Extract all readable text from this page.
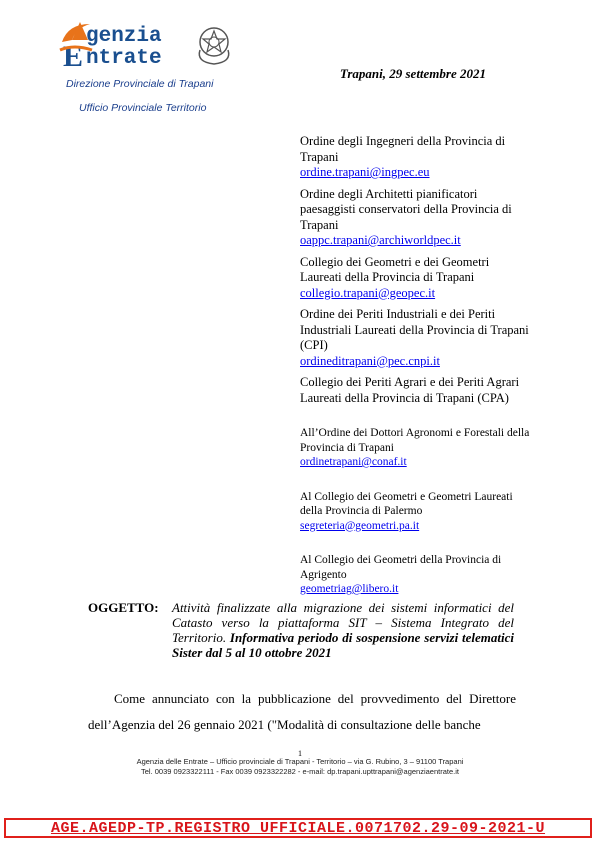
E
genzia
ntrate
Direzione Provinciale di Trapani
Ufficio Provinciale Territorio
Trapani, 29 settembre 2021
Ordine degli Ingegneri della Provincia di Trapani
ordine.trapani@ingpec.eu
Ordine degli Architetti pianificatori paesaggisti conservatori della Provincia di Trapani
oappc.trapani@archiworldpec.it
Collegio dei Geometri e dei Geometri Laureati della Provincia di Trapani
collegio.trapani@geopec.it
Ordine dei Periti Industriali e dei Periti Industriali Laureati della Provincia di Trapani (CPI)
ordineditrapani@pec.cnpi.it
Collegio dei Periti Agrari e dei Periti Agrari Laureati della Provincia di Trapani (CPA)
All’Ordine dei Dottori Agronomi e Forestali della Provincia di Trapani
ordinetrapani@conaf.it
Al Collegio dei Geometri e Geometri Laureati della Provincia di Palermo
segreteria@geometri.pa.it
Al Collegio dei Geometri della Provincia di Agrigento
geometriag@libero.it
OGGETTO: Attività finalizzate alla migrazione dei sistemi informatici del Catasto verso la piattaforma SIT – Sistema Integrato del Territorio. Informativa periodo di sospensione servizi telematici Sister dal 5 al 10 ottobre 2021
Come annunciato con la pubblicazione del provvedimento del Direttore dell’Agenzia del 26 gennaio 2021 ("Modalità di consultazione delle banche
1
Agenzia delle Entrate – Ufficio provinciale di Trapani - Territorio – via G. Rubino, 3 – 91100 Trapani
Tel. 0039 0923322111 - Fax 0039 0923322282 - e-mail: dp.trapani.upttrapani@agenziaentrate.it
AGE.AGEDP-TP.REGISTRO UFFICIALE.0071702.29-09-2021-U
